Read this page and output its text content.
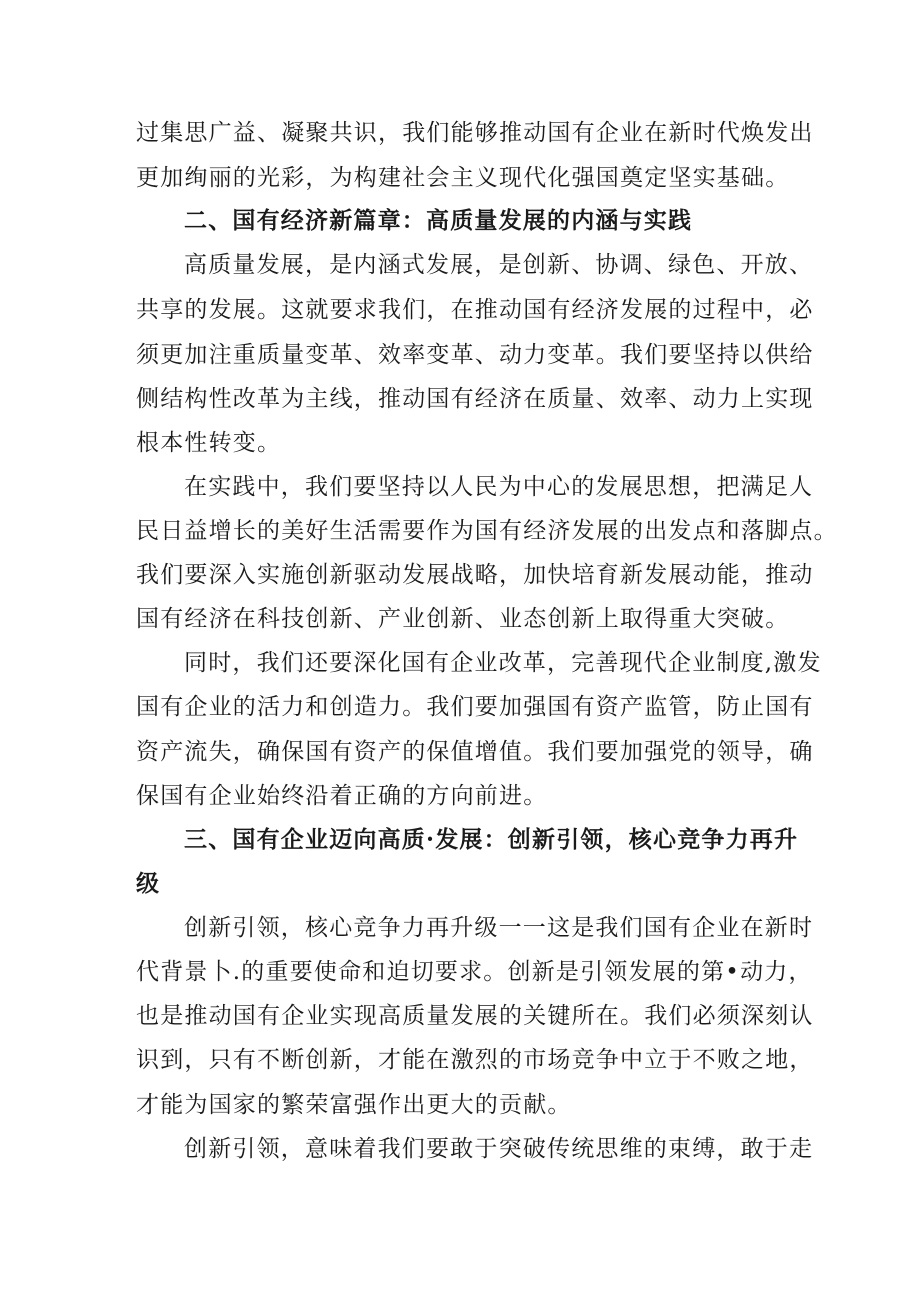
过集思广益、凝聚共识，我们能够推动国有企业在新时代焕发出
更加绚丽的光彩，为构建社会主义现代化强国奠定坚实基础。
二、国有经济新篇章：高质量发展的内涵与实践
高质量发展，是内涵式发展，是创新、协调、绿色、开放、
共享的发展。这就要求我们，在推动国有经济发展的过程中，必
须更加注重质量变革、效率变革、动力变革。我们要坚持以供给
侧结构性改革为主线，推动国有经济在质量、效率、动力上实现
根本性转变。
在实践中，我们要坚持以人民为中心的发展思想，把满足人
民日益增长的美好生活需要作为国有经济发展的出发点和落脚点。
我们要深入实施创新驱动发展战略，加快培育新发展动能，推动
国有经济在科技创新、产业创新、业态创新上取得重大突破。
同时，我们还要深化国有企业改革，完善现代企业制度,激发
国有企业的活力和创造力。我们要加强国有资产监管，防止国有
资产流失，确保国有资产的保值增值。我们要加强党的领导，确
保国有企业始终沿着正确的方向前进。
三、国有企业迈向高质·发展：创新引领，核心竞争力再升
级
创新引领，核心竞争力再升级一一这是我们国有企业在新时
代背景卜.的重要使命和迫切要求。创新是引领发展的第•动力，
也是推动国有企业实现高质量发展的关键所在。我们必须深刻认
识到，只有不断创新，才能在激烈的市场竞争中立于不败之地，
才能为国家的繁荣富强作出更大的贡献。
创新引领，意味着我们要敢于突破传统思维的束缚，敢于走
